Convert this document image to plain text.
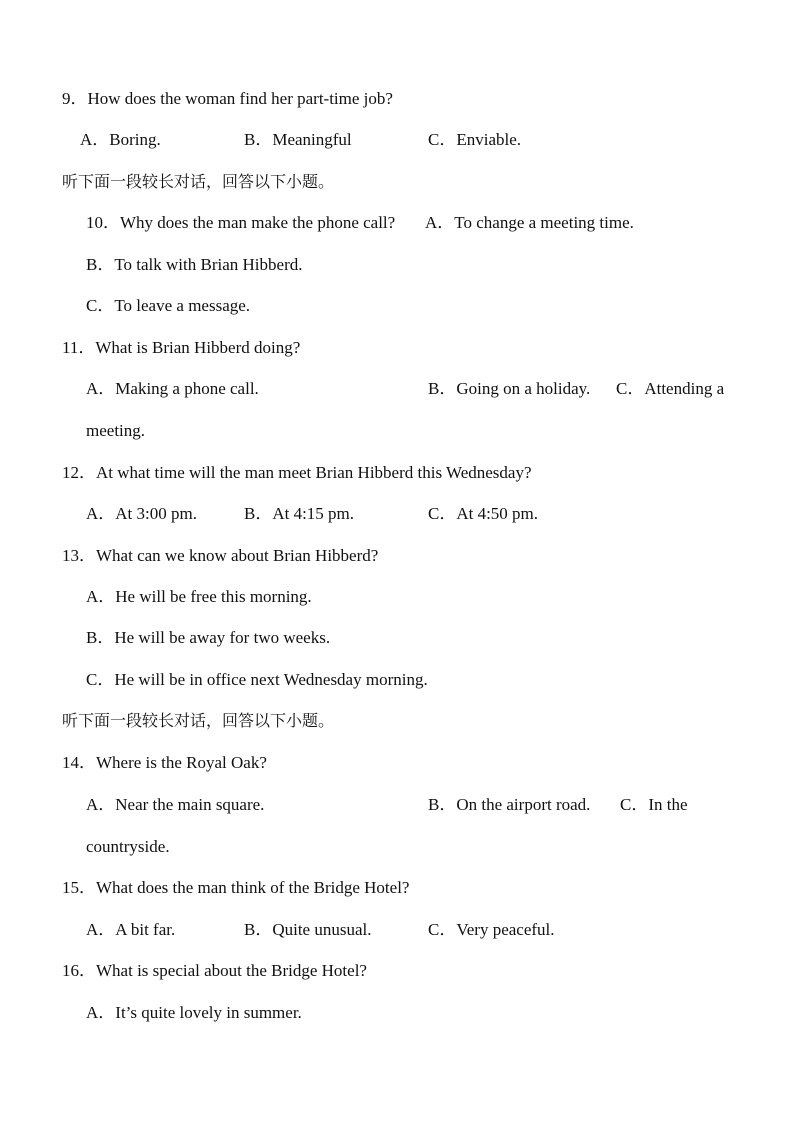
9．How does the woman find her part-time job?
A．Boring.	B．Meaningful	C．Enviable.
听下面一段较长对话，回答以下小题。
10．Why does the man make the phone call? A．To change a meeting time.
B．To talk with Brian Hibberd.
C．To leave a message.
11．What is Brian Hibberd doing?
A．Making a phone call.	B．Going on a holiday. C．Attending a
meeting.
12．At what time will the man meet Brian Hibberd this Wednesday?
A．At 3:00 pm.	B．At 4:15 pm.	C．At 4:50 pm.
13．What can we know about Brian Hibberd?
A．He will be free this morning.
B．He will be away for two weeks.
C．He will be in office next Wednesday morning.
听下面一段较长对话，回答以下小题。
14．Where is the Royal Oak?
A．Near the main square.	B．On the airport road. C．In the
countryside.
15．What does the man think of the Bridge Hotel?
A．A bit far.	B．Quite unusual.	C．Very peaceful.
16．What is special about the Bridge Hotel?
A．It’s quite lovely in summer.
